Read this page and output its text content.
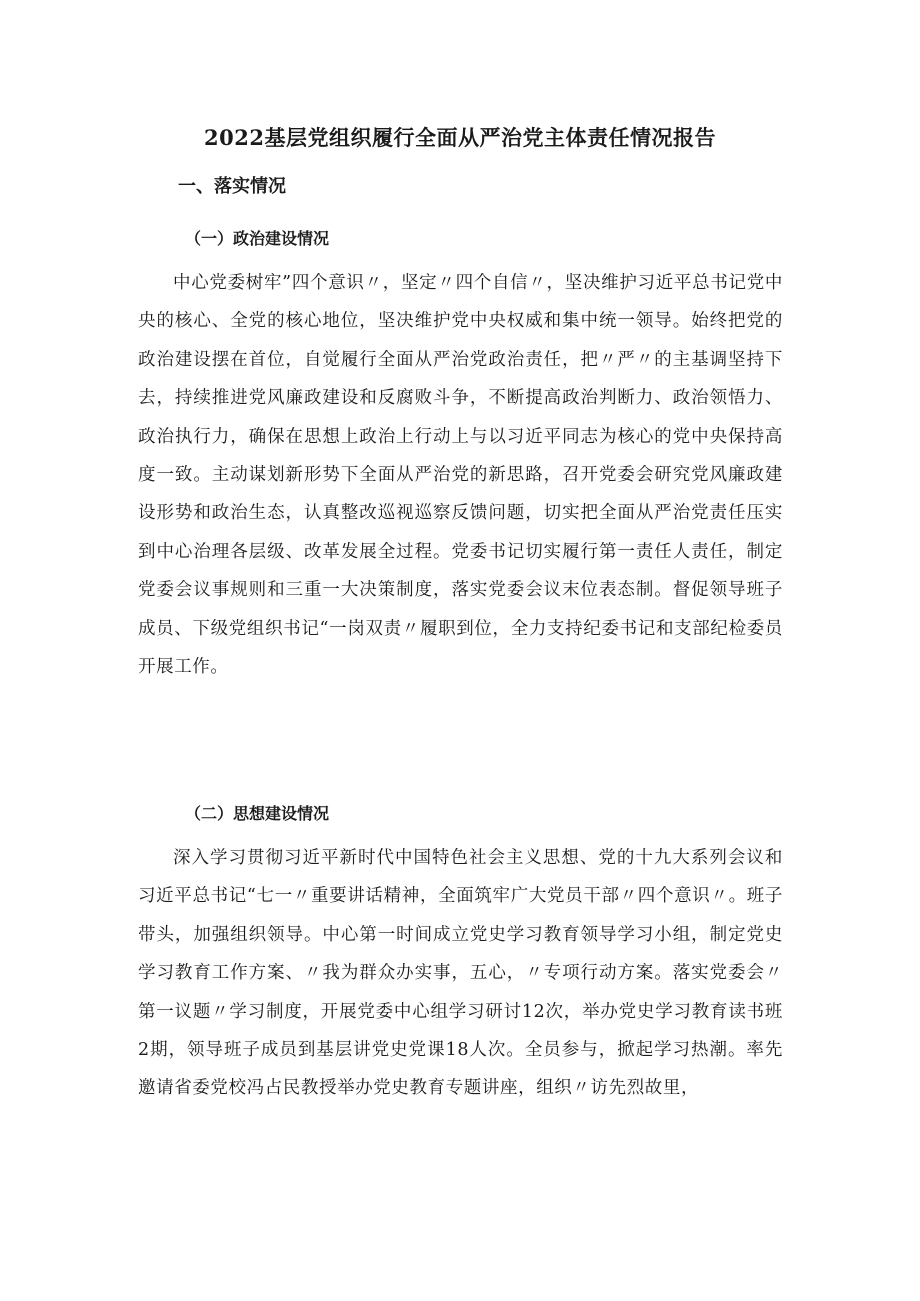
2022基层党组织履行全面从严治党主体责任情况报告
一、落实情况
（一）政治建设情况

中心党委树牢”四个意识〃，坚定〃四个自信〃，坚决维护习近平总书记党中央的核心、全党的核心地位，坚决维护党中央权威和集中统一领导。始终把党的政治建设摆在首位，自觉履行全面从严治党政治责任，把〃严〃的主基调坚持下去，持续推进党风廉政建设和反腐败斗争，不断提高政治判断力、政治领悟力、政治执行力，确保在思想上政治上行动上与以习近平同志为核心的党中央保持高度一致。主动谋划新形势下全面从严治党的新思路，召开党委会研究党风廉政建设形势和政治生态，认真整改巡视巡察反馈问题，切实把全面从严治党责任压实到中心治理各层级、改革发展全过程。党委书记切实履行第一责任人责任，制定党委会议事规则和三重一大决策制度，落实党委会议末位表态制。督促领导班子成员、下级党组织书记“一岗双责〃履职到位，全力支持纪委书记和支部纪检委员开展工作。

（二）思想建设情况

深入学习贯彻习近平新时代中国特色社会主义思想、党的十九大系列会议和习近平总书记“七一〃重要讲话精神，全面筑牢广大党员干部〃四个意识〃。班子带头，加强组织领导。中心第一时间成立党史学习教育领导学习小组，制定党史学习教育工作方案、〃我为群众办实事，五心，〃专项行动方案。落实党委会〃第一议题〃学习制度，开展党委中心组学习研讨12次，举办党史学习教育读书班2期，领导班子成员到基层讲党史党课18人次。全员参与，掀起学习热潮。率先邀请省委党校冯占民教授举办党史教育专题讲座，组织〃访先烈故里，
